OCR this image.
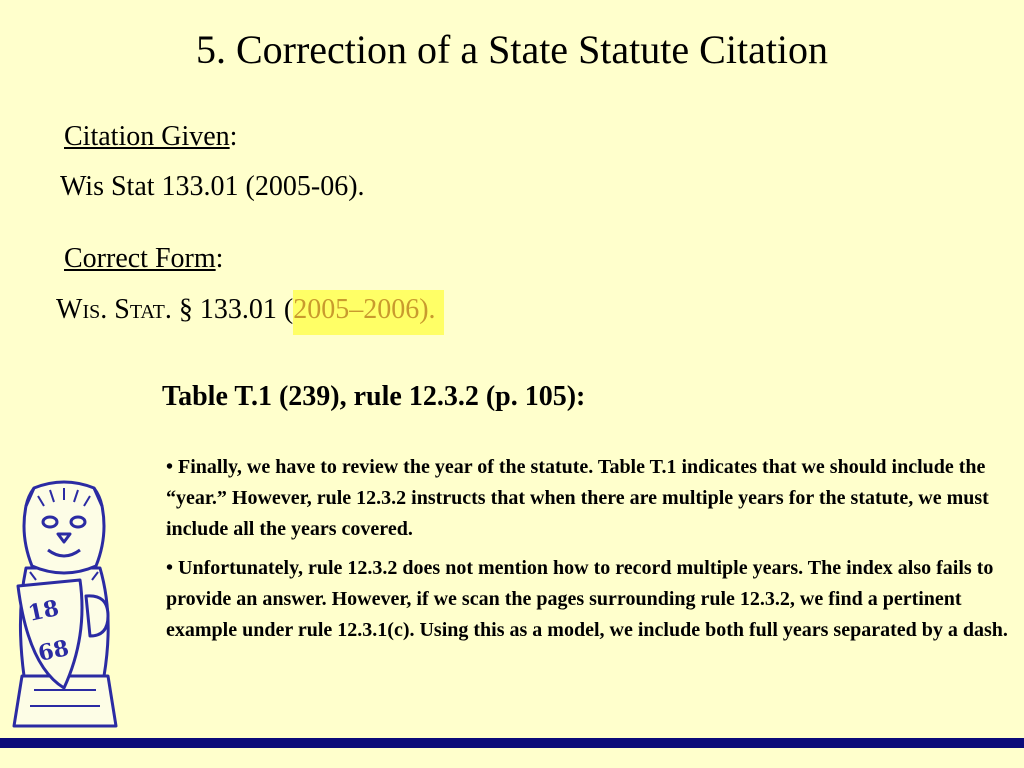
5. Correction of a State Statute Citation
Citation Given:
Wis Stat 133.01 (2005-06).
Correct Form:
WIS. STAT. § 133.01 (2005–2006).
Table T.1 (239), rule 12.3.2 (p. 105):

• Finally, we have to review the year of the statute. Table T.1 indicates that we should include the “year.” However, rule 12.3.2 instructs that when there are multiple years for the statute, we must include all the years covered.

• Unfortunately, rule 12.3.2 does not mention how to record multiple years. The index also fails to provide an answer. However, if we scan the pages surrounding rule 12.3.2, we find a pertinent example under rule 12.3.1(c). Using this as a model, we include both full years separated by a dash.

18
68
